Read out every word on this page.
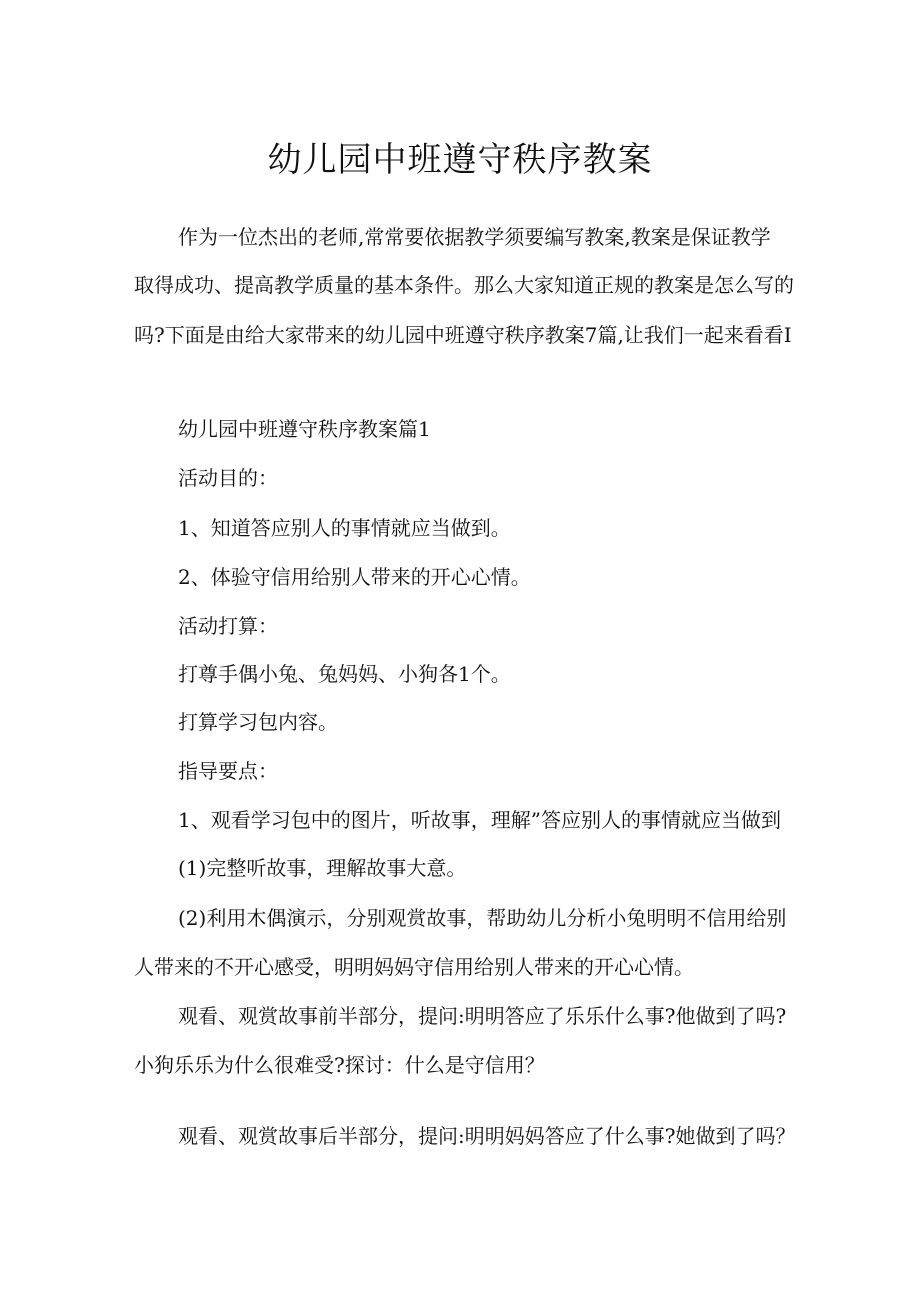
幼儿园中班遵守秩序教案
作为一位杰出的老师,常常要依据教学须要编写教案,教案是保证教学
取得成功、提高教学质量的基本条件。那么大家知道正规的教案是怎么写的
吗?下面是由给大家带来的幼儿园中班遵守秩序教案7篇,让我们一起来看看I
幼儿园中班遵守秩序教案篇1
活动目的：
1、知道答应别人的事情就应当做到。
2、体验守信用给别人带来的开心心情。
活动打算：
打尊手偶小兔、兔妈妈、小狗各1个。
打算学习包内容。
指导要点：
1、观看学习包中的图片，听故事，理解”答应别人的事情就应当做到
(1)完整听故事，理解故事大意。
(2)利用木偶演示，分别观赏故事，帮助幼儿分析小兔明明不信用给别
人带来的不开心感受，明明妈妈守信用给别人带来的开心心情。
观看、观赏故事前半部分，提问:明明答应了乐乐什么事?他做到了吗?
小狗乐乐为什么很难受?探讨：什么是守信用？
观看、观赏故事后半部分，提问:明明妈妈答应了什么事?她做到了吗？
